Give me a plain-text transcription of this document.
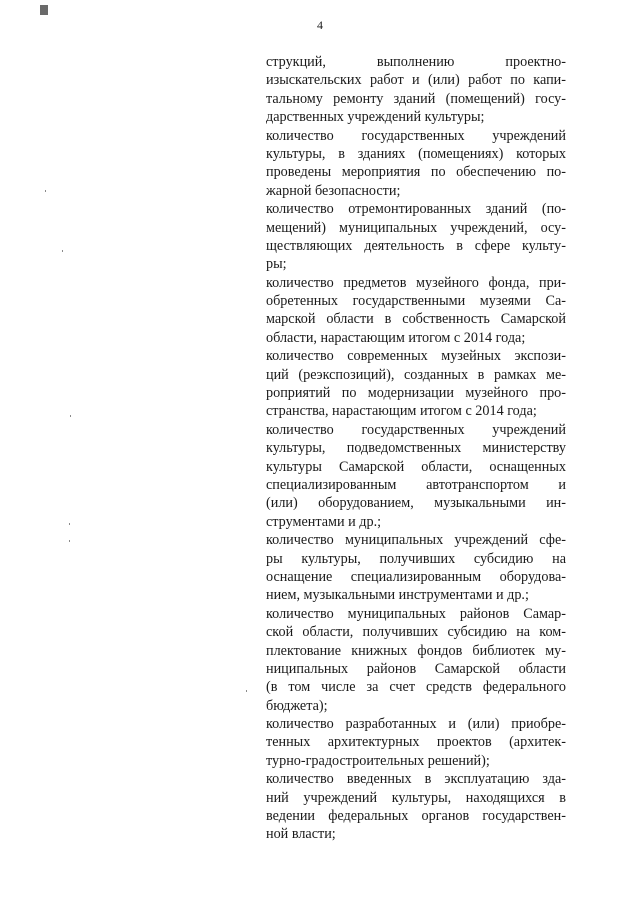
4
струкций, выполнению проектно-
изыскательских работ и (или) работ по капи-
тальному ремонту зданий (помещений) госу-
дарственных учреждений культуры;
количество государственных учреждений
культуры, в зданиях (помещениях) которых
проведены мероприятия по обеспечению по-
жарной безопасности;
количество отремонтированных зданий (по-
мещений) муниципальных учреждений, осу-
ществляющих деятельность в сфере культу-
ры;
количество предметов музейного фонда, при-
обретенных государственными музеями Са-
марской области в собственность Самарской
области, нарастающим итогом с 2014 года;
количество современных музейных экспози-
ций (реэкспозиций), созданных в рамках ме-
роприятий по модернизации музейного про-
странства, нарастающим итогом с 2014 года;
количество государственных учреждений
культуры, подведомственных министерству
культуры Самарской области, оснащенных
специализированным автотранспортом и
(или) оборудованием, музыкальными ин-
струментами и др.;
количество муниципальных учреждений сфе-
ры культуры, получивших субсидию на
оснащение специализированным оборудова-
нием, музыкальными инструментами и др.;
количество муниципальных районов Самар-
ской области, получивших субсидию на ком-
плектование книжных фондов библиотек му-
ниципальных районов Самарской области
(в том числе за счет средств федерального
бюджета);
количество разработанных и (или) приобре-
тенных архитектурных проектов (архитек-
турно-градостроительных решений);
количество введенных в эксплуатацию зда-
ний учреждений культуры, находящихся в
ведении федеральных органов государствен-
ной власти;
